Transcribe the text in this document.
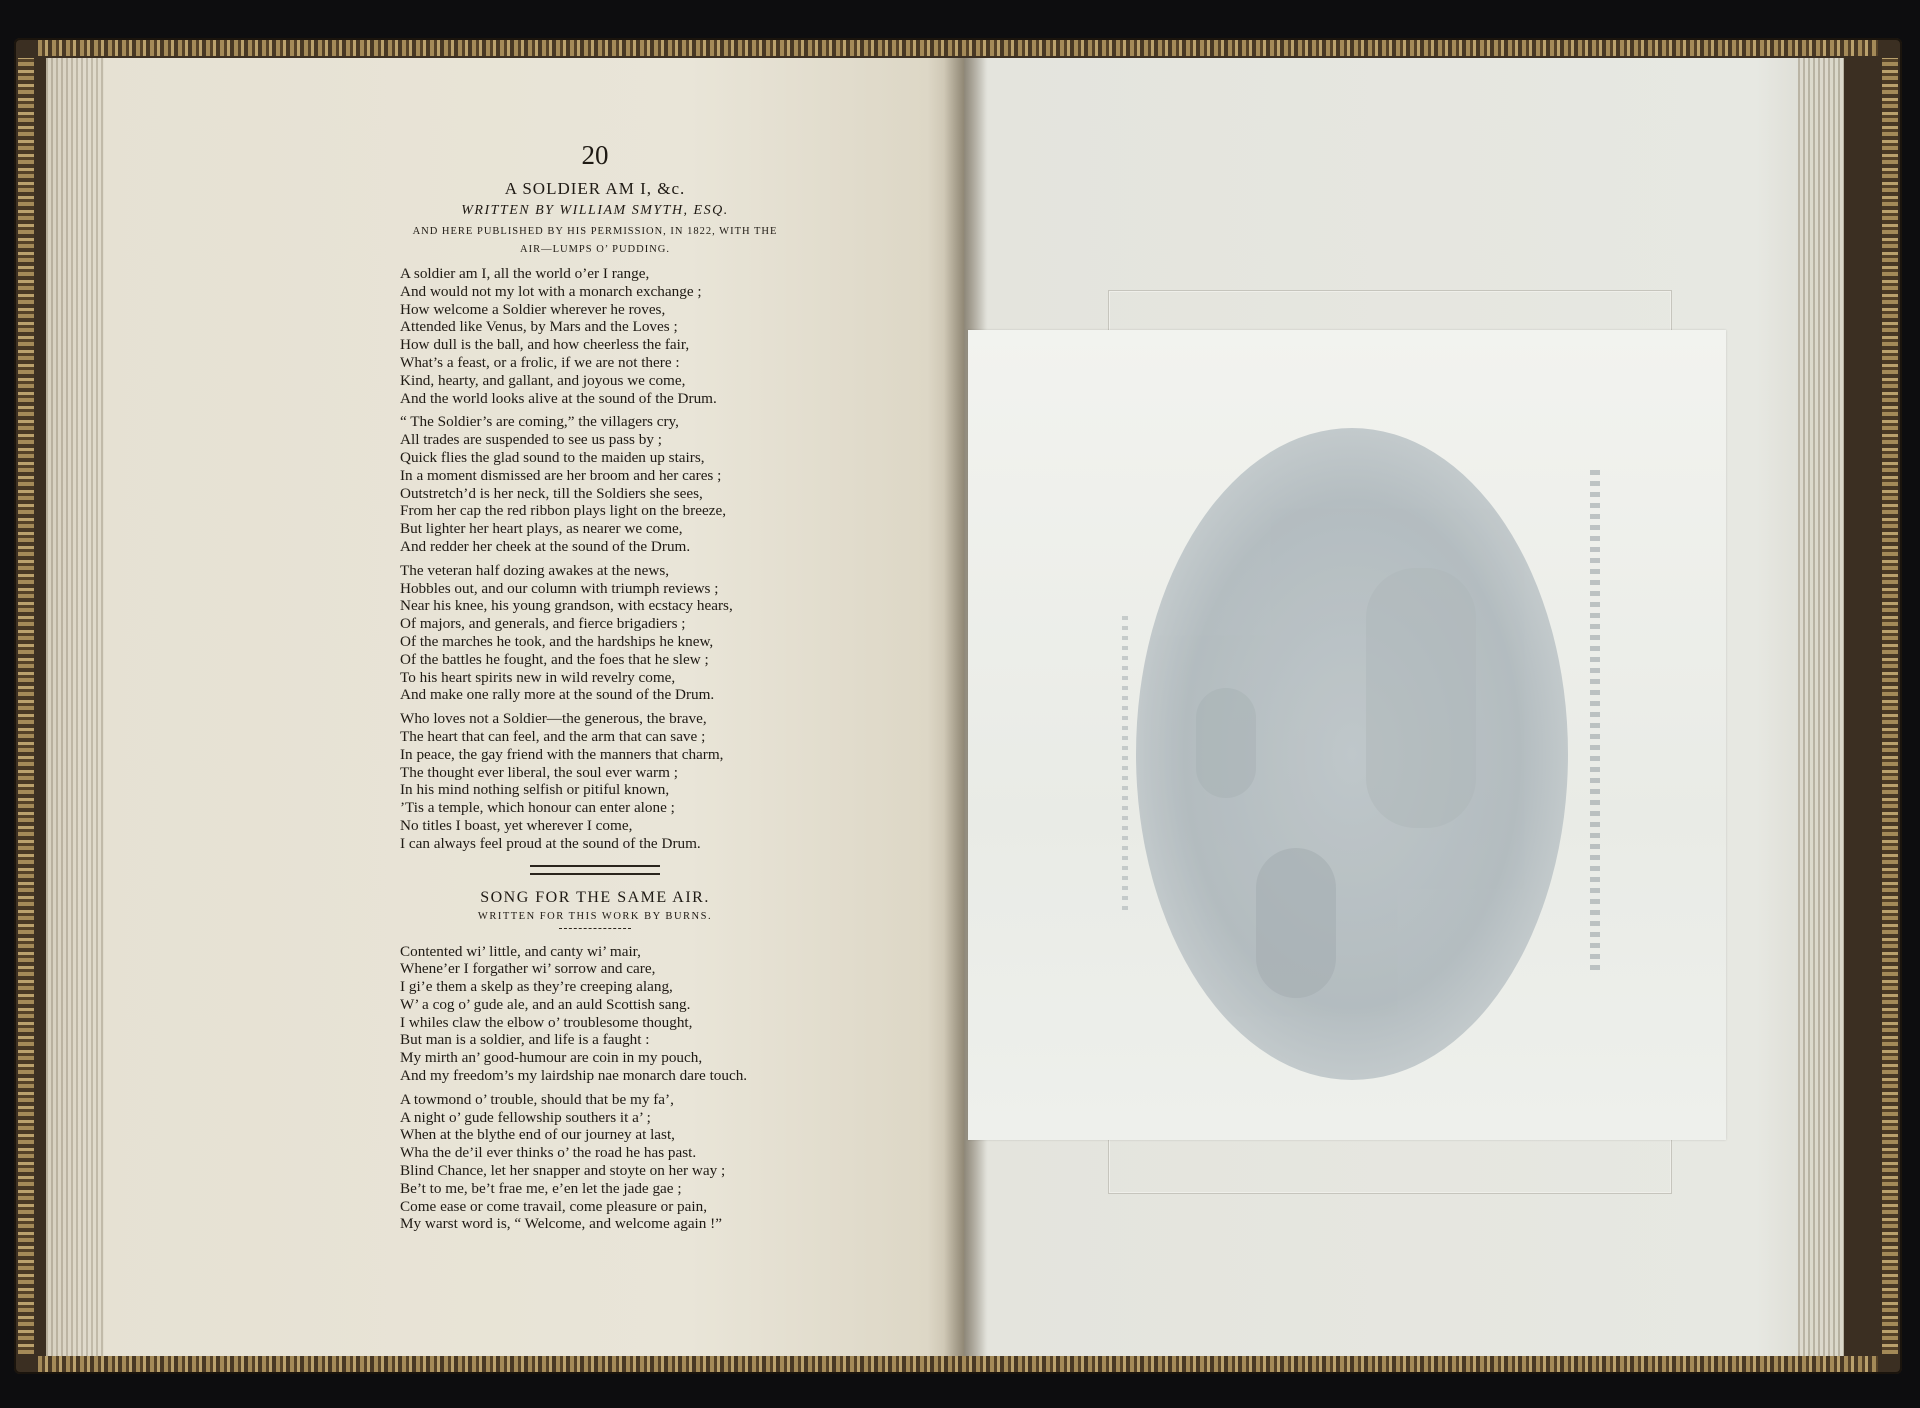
20
A SOLDIER AM I, &c.
WRITTEN BY WILLIAM SMYTH, ESQ.
AND HERE PUBLISHED BY HIS PERMISSION, IN 1822, WITH THE
AIR—LUMPS O’ PUDDING.
A soldier am I, all the world o’er I range,
And would not my lot with a monarch exchange ;
How welcome a Soldier wherever he roves,
Attended like Venus, by Mars and the Loves ;
How dull is the ball, and how cheerless the fair,
What’s a feast, or a frolic, if we are not there :
Kind, hearty, and gallant, and joyous we come,
And the world looks alive at the sound of the Drum.
“ The Soldier’s are coming,” the villagers cry,
All trades are suspended to see us pass by ;
Quick flies the glad sound to the maiden up stairs,
In a moment dismissed are her broom and her cares ;
Outstretch’d is her neck, till the Soldiers she sees,
From her cap the red ribbon plays light on the breeze,
But lighter her heart plays, as nearer we come,
And redder her cheek at the sound of the Drum.
The veteran half dozing awakes at the news,
Hobbles out, and our column with triumph reviews ;
Near his knee, his young grandson, with ecstacy hears,
Of majors, and generals, and fierce brigadiers ;
Of the marches he took, and the hardships he knew,
Of the battles he fought, and the foes that he slew ;
To his heart spirits new in wild revelry come,
And make one rally more at the sound of the Drum.
Who loves not a Soldier—the generous, the brave,
The heart that can feel, and the arm that can save ;
In peace, the gay friend with the manners that charm,
The thought ever liberal, the soul ever warm ;
In his mind nothing selfish or pitiful known,
’Tis a temple, which honour can enter alone ;
No titles I boast, yet wherever I come,
I can always feel proud at the sound of the Drum.
SONG FOR THE SAME AIR.
WRITTEN FOR THIS WORK BY BURNS.
Contented wi’ little, and canty wi’ mair,
Whene’er I forgather wi’ sorrow and care,
I gi’e them a skelp as they’re creeping alang,
W’ a cog o’ gude ale, and an auld Scottish sang.
I whiles claw the elbow o’ troublesome thought,
But man is a soldier, and life is a faught :
My mirth an’ good-humour are coin in my pouch,
And my freedom’s my lairdship nae monarch dare touch.
A towmond o’ trouble, should that be my fa’,
A night o’ gude fellowship southers it a’ ;
When at the blythe end of our journey at last,
Wha the de’il ever thinks o’ the road he has past.
Blind Chance, let her snapper and stoyte on her way ;
Be’t to me, be’t frae me, e’en let the jade gae ;
Come ease or come travail, come pleasure or pain,
My warst word is, “ Welcome, and welcome again !”
